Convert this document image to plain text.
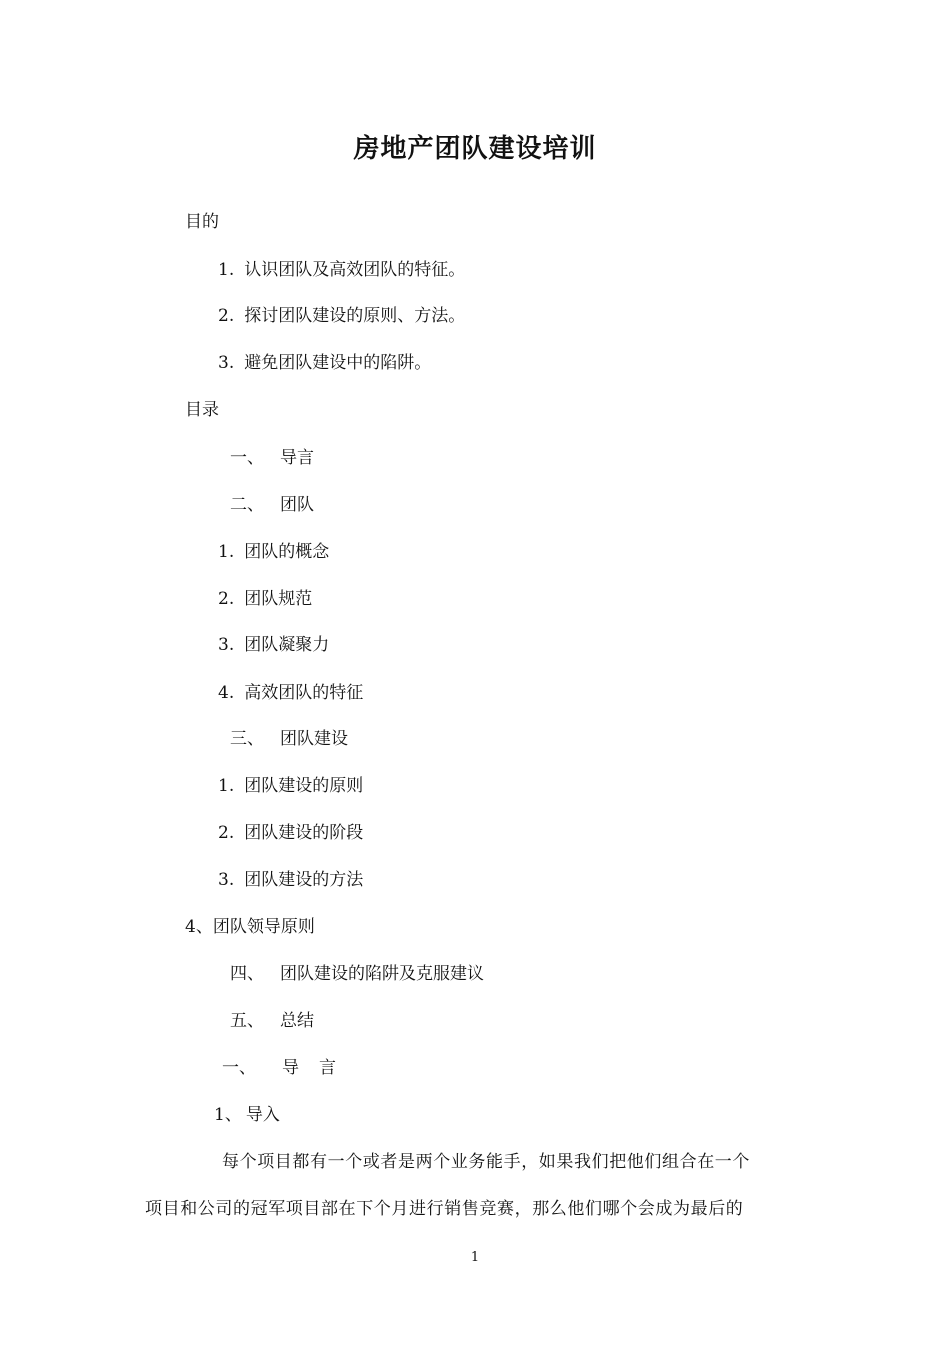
房地产团队建设培训
目的
1. 认识团队及高效团队的特征。
2. 探讨团队建设的原则、方法。
3. 避免团队建设中的陷阱。
目录
一、 导言
二、 团队
1. 团队的概念
2. 团队规范
3. 团队凝聚力
4. 高效团队的特征
三、 团队建设
1. 团队建设的原则
2. 团队建设的阶段
3. 团队建设的方法
4、团队领导原则
四、 团队建设的陷阱及克服建议
五、 总结
一、 导言
1、 导入
每个项目都有一个或者是两个业务能手，如果我们把他们组合在一个
项目和公司的冠军项目部在下个月进行销售竞赛，那么他们哪个会成为最后的
1
